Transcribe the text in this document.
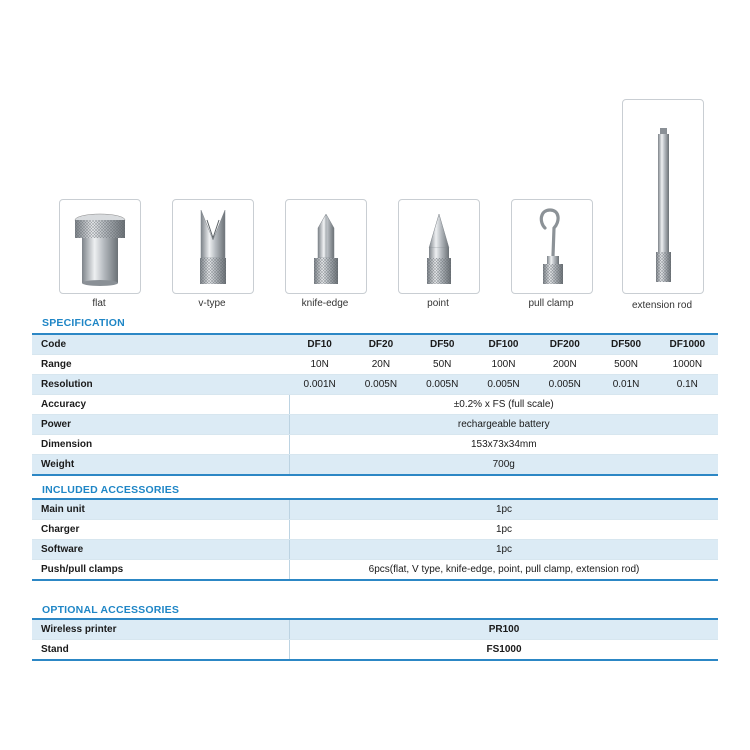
flat	v-type	knife-edge	point	pull clamp	extension rod
SPECIFICATION
Code	DF10	DF20	DF50	DF100	DF200	DF500	DF1000
Range	10N	20N	50N	100N	200N	500N	1000N
Resolution	0.001N	0.005N	0.005N	0.005N	0.005N	0.01N	0.1N
Accuracy	±0.2% x FS (full scale)						
Power	rechargeable battery						
Dimension	153x73x34mm						
Weight	700g						
INCLUDED ACCESSORIES
Main unit	1pc
Charger	1pc
Software	1pc
Push/pull clamps	6pcs(flat, V type, knife-edge, point, pull clamp, extension rod)
OPTIONAL ACCESSORIES
Wireless printer	PR100
Stand	FS1000
